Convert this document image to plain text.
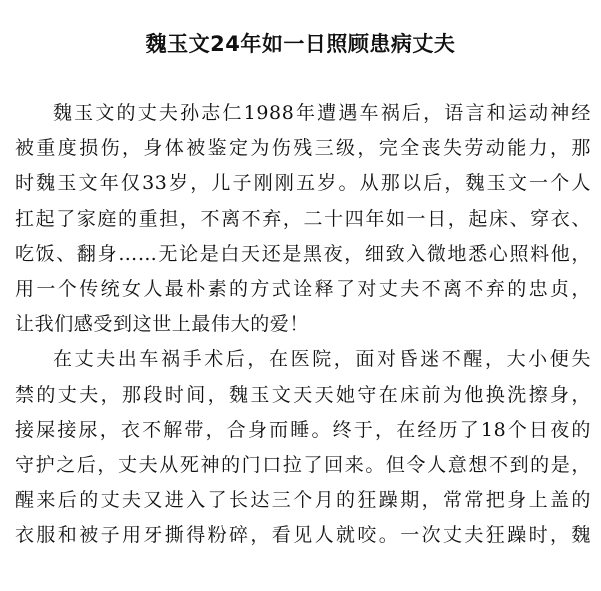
魏玉文24年如一日照顾患病丈夫
魏玉文的丈夫孙志仁1988年遭遇车祸后，语言和运动神经
被重度损伤，身体被鉴定为伤残三级，完全丧失劳动能力，那
时魏玉文年仅33岁，儿子刚刚五岁。从那以后，魏玉文一个人
扛起了家庭的重担，不离不弃，二十四年如一日，起床、穿衣、
吃饭、翻身……无论是白天还是黑夜，细致入微地悉心照料他，
用一个传统女人最朴素的方式诠释了对丈夫不离不弃的忠贞，
让我们感受到这世上最伟大的爱！
在丈夫出车祸手术后，在医院，面对昏迷不醒，大小便失
禁的丈夫，那段时间，魏玉文天天她守在床前为他换洗擦身，
接屎接尿，衣不解带，合身而睡。终于，在经历了18个日夜的
守护之后，丈夫从死神的门口拉了回来。但令人意想不到的是，
醒来后的丈夫又进入了长达三个月的狂躁期，常常把身上盖的
衣服和被子用牙撕得粉碎，看见人就咬。一次丈夫狂躁时，魏
